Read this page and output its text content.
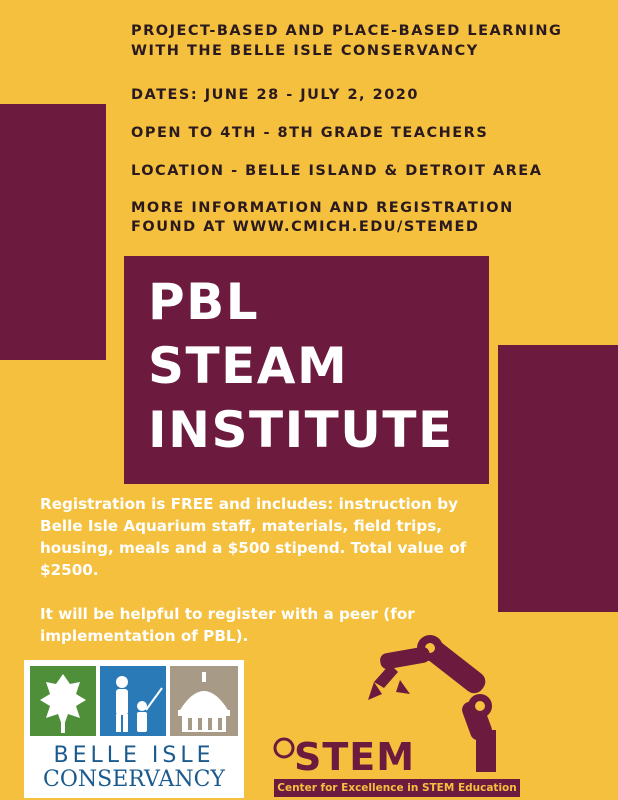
PROJECT-BASED AND PLACE-BASED LEARNING
WITH THE BELLE ISLE CONSERVANCY
DATES: JUNE 28 - JULY 2, 2020
OPEN TO 4TH - 8TH GRADE TEACHERS
LOCATION - BELLE ISLAND & DETROIT AREA
MORE INFORMATION AND REGISTRATION
FOUND AT WWW.CMICH.EDU/STEMED
PBL
STEAM
INSTITUTE
Registration is FREE and includes: instruction by
Belle Isle Aquarium staff, materials, field trips,
housing, meals and a $500 stipend. Total value of
$2500.
It will be helpful to register with a peer (for
implementation of PBL).
BELLE ISLE
CONSERVANCY
STEM
Center for Excellence in STEM Education
